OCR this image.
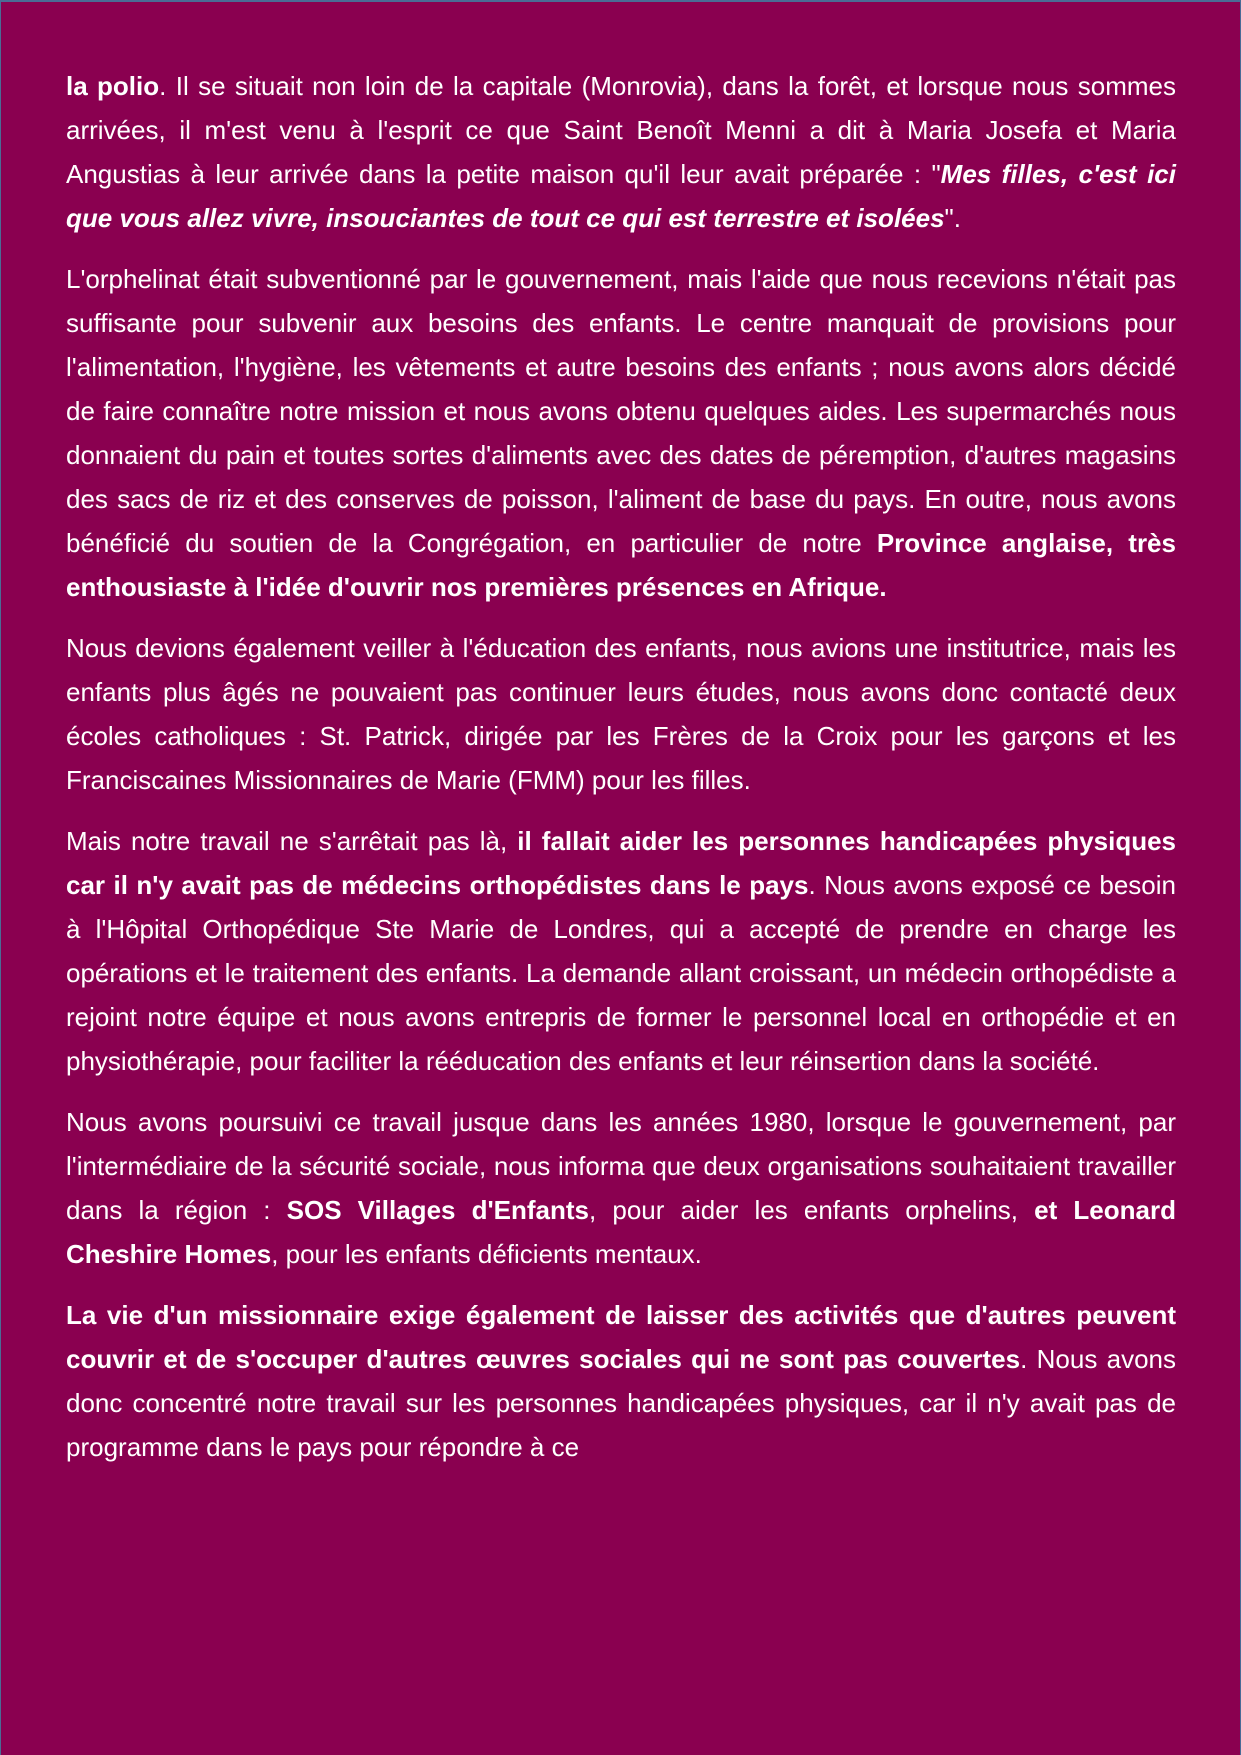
la polio. Il se situait non loin de la capitale (Monrovia), dans la forêt, et lorsque nous sommes arrivées, il m'est venu à l'esprit ce que Saint Benoît Menni a dit à Maria Josefa et Maria Angustias à leur arrivée dans la petite maison qu'il leur avait préparée : "Mes filles, c'est ici que vous allez vivre, insouciantes de tout ce qui est terrestre et isolées".

L'orphelinat était subventionné par le gouvernement, mais l'aide que nous recevions n'était pas suffisante pour subvenir aux besoins des enfants. Le centre manquait de provisions pour l'alimentation, l'hygiène, les vêtements et autre besoins des enfants ; nous avons alors décidé de faire connaître notre mission et nous avons obtenu quelques aides. Les supermarchés nous donnaient du pain et toutes sortes d'aliments avec des dates de péremption, d'autres magasins des sacs de riz et des conserves de poisson, l'aliment de base du pays. En outre, nous avons bénéficié du soutien de la Congrégation, en particulier de notre Province anglaise, très enthousiaste à l'idée d'ouvrir nos premières présences en Afrique.

Nous devions également veiller à l'éducation des enfants, nous avions une institutrice, mais les enfants plus âgés ne pouvaient pas continuer leurs études, nous avons donc contacté deux écoles catholiques : St. Patrick, dirigée par les Frères de la Croix pour les garçons et les Franciscaines Missionnaires de Marie (FMM) pour les filles.

Mais notre travail ne s'arrêtait pas là, il fallait aider les personnes handicapées physiques car il n'y avait pas de médecins orthopédistes dans le pays. Nous avons exposé ce besoin à l'Hôpital Orthopédique Ste Marie de Londres, qui a accepté de prendre en charge les opérations et le traitement des enfants. La demande allant croissant, un médecin orthopédiste a rejoint notre équipe et nous avons entrepris de former le personnel local en orthopédie et en physiothérapie, pour faciliter la rééducation des enfants et leur réinsertion dans la société.

Nous avons poursuivi ce travail jusque dans les années 1980, lorsque le gouvernement, par l'intermédiaire de la sécurité sociale, nous informa que deux organisations souhaitaient travailler dans la région : SOS Villages d'Enfants, pour aider les enfants orphelins, et Leonard Cheshire Homes, pour les enfants déficients mentaux.

La vie d'un missionnaire exige également de laisser des activités que d'autres peuvent couvrir et de s'occuper d'autres œuvres sociales qui ne sont pas couvertes. Nous avons donc concentré notre travail sur les personnes handicapées physiques, car il n'y avait pas de programme dans le pays pour répondre à ce
